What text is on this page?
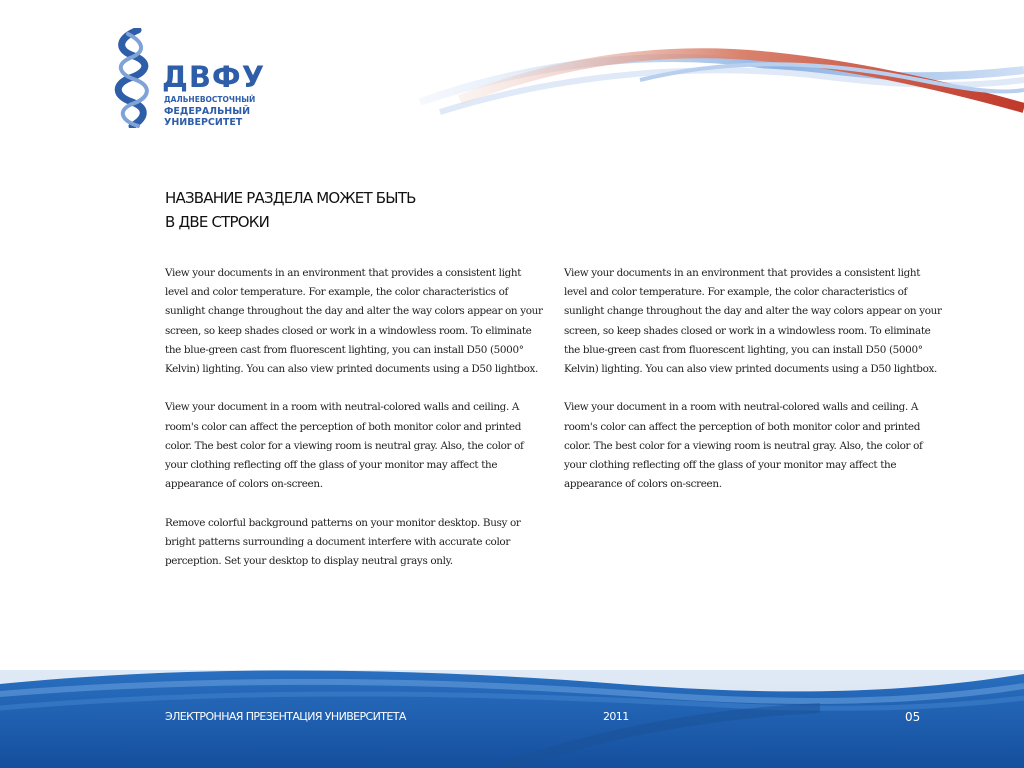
ДВФУ
ДАЛЬНЕВОСТОЧНЫЙ
ФЕДЕРАЛЬНЫЙ
УНИВЕРСИТЕТ
НАЗВАНИЕ РАЗДЕЛА МОЖЕТ БЫТЬ
В ДВЕ СТРОКИ

View your documents in an environment that provides a consistent light level and color temperature. For example, the color characteristics of sunlight change throughout the day and alter the way colors appear on your screen, so keep shades closed or work in a windowless room. To eliminate the blue-green cast from fluorescent lighting, you can install D50 (5000° Kelvin) lighting. You can also view printed documents using a D50 lightbox.

View your document in a room with neutral-colored walls and ceiling. A room's color can affect the perception of both monitor color and printed color. The best color for a viewing room is neutral gray. Also, the color of your clothing reflecting off the glass of your monitor may affect the appearance of colors on-screen.

Remove colorful background patterns on your monitor desktop. Busy or bright patterns surrounding a document interfere with accurate color perception. Set your desktop to display neutral grays only.

View your documents in an environment that provides a consistent light level and color temperature. For example, the color characteristics of sunlight change throughout the day and alter the way colors appear on your screen, so keep shades closed or work in a windowless room. To eliminate the blue-green cast from fluorescent lighting, you can install D50 (5000° Kelvin) lighting. You can also view printed documents using a D50 lightbox.

View your document in a room with neutral-colored walls and ceiling. A room's color can affect the perception of both monitor color and printed color. The best color for a viewing room is neutral gray. Also, the color of your clothing reflecting off the glass of your monitor may affect the appearance of colors on-screen.

ЭЛЕКТРОННАЯ ПРЕЗЕНТАЦИЯ УНИВЕРСИТЕТА	2011	05
